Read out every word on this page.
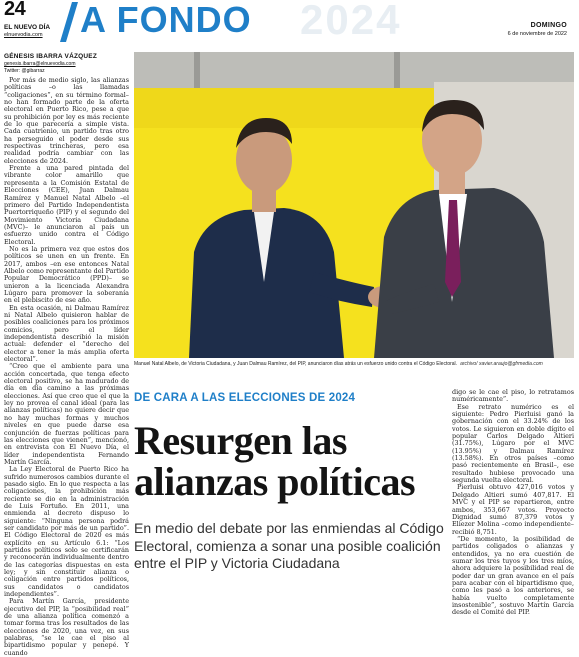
2024
24
EL NUEVO DÍA
elnuevodia.com A FONDO	DOMINGO
6 de noviembre de 2022
GÉNESIS IBARRA VÁZQUEZ
genesis.ibarra@elnuevodia.com
Twitter: @gibarraz

Por más de medio siglo, las alianzas políticas –o las llamadas “coligaciones”, en su término formal– no han formado parte de la oferta electoral en Puerto Rico, pese a que su prohibición por ley es más reciente de lo que parecería a simple vista. Cada cuatrienio, un partido tras otro ha perseguido el poder desde sus respectivas trincheras, pero esa realidad podría cambiar con las elecciones de 2024.

Frente a una pared pintada del vibrante color amarillo que representa a la Comisión Estatal de Elecciones (CEE), Juan Dalmau Ramírez y Manuel Natal Albelo –el primero del Partido Independentista Puertorriqueño (PIP) y el segundo del Movimiento Victoria Ciudadana (MVC)– le anunciaron al país un esfuerzo unido contra el Código Electoral.

No es la primera vez que estos dos políticos se unen en un frente. En 2017, ambos –en ese entonces Natal Albelo como representante del Partido Popular Democrático (PPD)– se unieron a la licenciada Alexandra Lúgaro para promover la soberanía en el plebiscito de ese año.

En esta ocasión, ni Dalmau Ramírez ni Natal Albelo quisieron hablar de posibles coaliciones para los próximos comicios, pero el líder independentista describió la misión actual: defender el “derecho del elector a tener la más amplia oferta electoral”.

“Creo que el ambiente para una acción concertada, que tenga efecto electoral positivo, se ha madurado de día en día camino a las próximas elecciones. Así que creo que el que la ley no provea el canal ideal (para las alianzas políticas) no quiere decir que no hay muchas formas y muchos niveles en que puede darse esa conjunción de fuerzas políticas para las elecciones que vienen”, mencionó, en entrevista con El Nuevo Día, el líder independentista Fernando Martín García.

La Ley Electoral de Puerto Rico ha sufrido numerosos cambios durante el pasado siglo. En lo que respecta a las coligaciones, la prohibición más reciente se dio en la administración de Luis Fortuño. En 2011, una enmienda al decreto dispuso lo siguiente: “Ninguna persona podrá ser candidato por más de un partido”. El Código Electoral de 2020 es más explícito en su Artículo 6.1: “Los partidos políticos solo se certificarán y reconocerán individualmente dentro de las categorías dispuestas en esta ley; y sin constituir alianza o coligación entre partidos políticos, sus candidatos o candidatos independientes”.

Para Martín García, presidente ejecutivo del PIP, la “posibilidad real” de una alianza política comenzó a tomar forma tras los resultados de las elecciones de 2020, una vez, en sus palabras, “se le cae el piso al bipartidismo popular y penepé. Y cuando

Manuel Natal Albelo, de Victoria Ciudadana, y Juan Dalmau Ramírez, del PIP, anunciaron días atrás un esfuerzo unido contra el Código Electoral. archivo/ xavier.araujo@gfrmedia.com
DE CARA A LAS ELECCIONES DE 2024
Resurgen las
alianzas políticas
En medio del debate por las enmiendas al Código Electoral, comienza a sonar una posible coalición entre el PIP y Victoria Ciudadana

digo se le cae el piso, lo retratamos numéricamente”.

Ese retrato numérico es el siguiente: Pedro Pierluisi ganó la gobernación con el 33.24% de los votos. Le siguieron en doble dígito el popular Carlos Delgado Altieri (31.75%), Lúgaro por el MVC (13.95%) y Dalmau Ramírez (13.58%). En otros países –como pasó recientemente en Brasil–, ese resultado hubiese provocado una segunda vuelta electoral.

Pierluisi obtuvo 427,016 votos y Delgado Altieri sumó 407,817. El MVC y el PIP se repartieron, entre ambos, 353,667 votos. Proyecto Dignidad sumó 87,379 votos y Eliezer Molina –como independiente– recibió 8,751.

“De momento, la posibilidad de partidos coligados o alianzas y entendidos, ya no era cuestión de sumar los tres tuyos y los tres míos, ahora adquiere la posibilidad real de poder dar un gran avance en el país para acabar con el bipartidismo que, como les pasó a los anteriores, se había vuelto completamente insostenible”, sostuvo Martín García desde el Comité del PIP.
